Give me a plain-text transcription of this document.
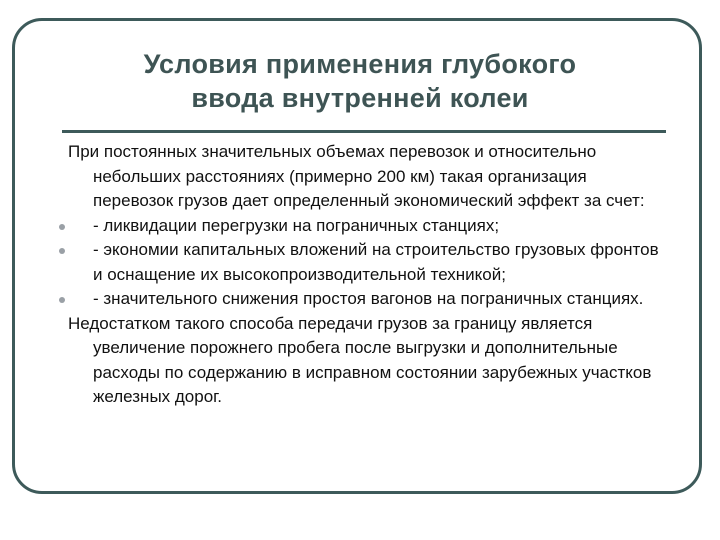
Условия применения глубокого
ввода внутренней колеи

При постоянных значительных объемах перевозок и относительно небольших расстояниях (примерно 200 км) такая организация перевозок грузов дает определенный экономический эффект за счет:

- ликвидации перегрузки на пограничных станциях;
- экономии капитальных вложений на строительство грузовых фронтов и оснащение их высокопроизводительной техникой;
- значительного снижения простоя вагонов на пограничных станциях.

Недостатком такого способа передачи грузов за границу является увеличение порожнего пробега после выгрузки и дополнительные расходы по содержанию в исправном состоянии зарубежных участков железных дорог.
